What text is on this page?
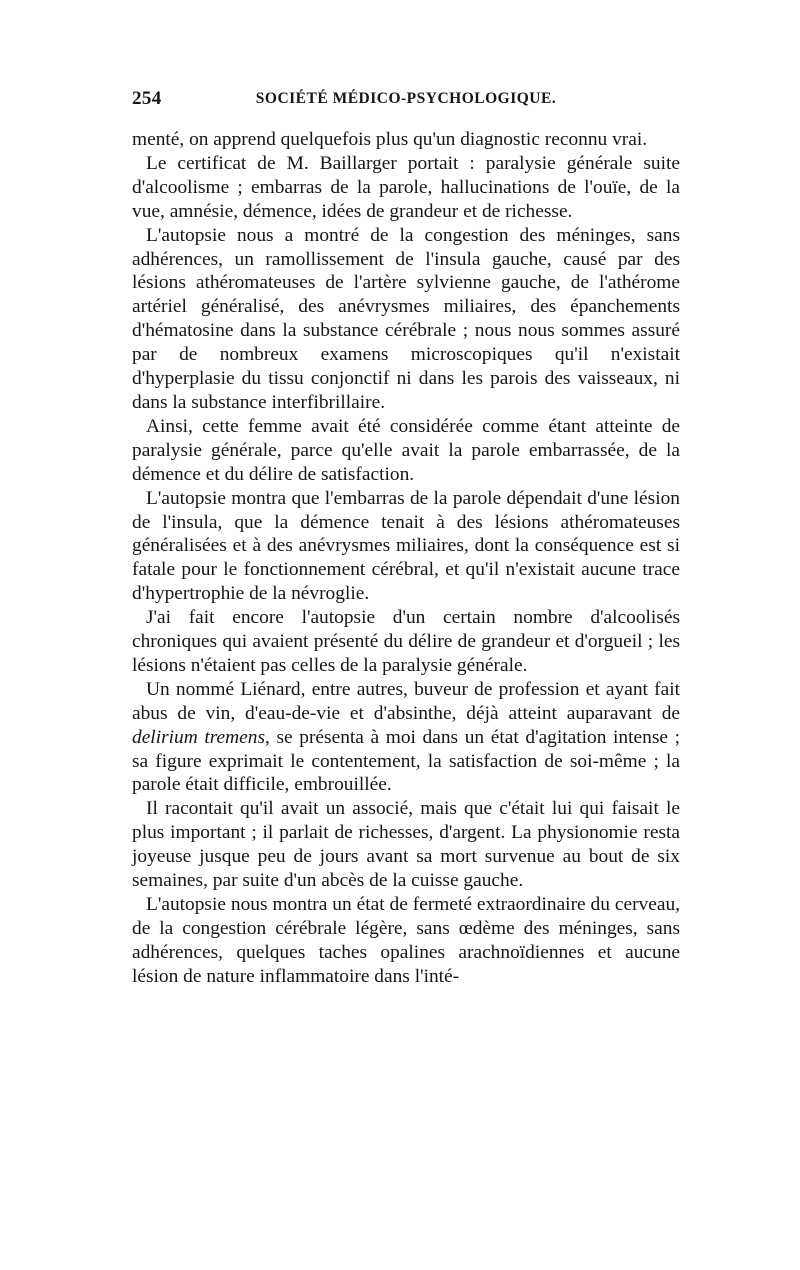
254	SOCIÉTÉ MÉDICO-PSYCHOLOGIQUE.

menté, on apprend quelquefois plus qu'un diagnostic reconnu vrai.

Le certificat de M. Baillarger portait : paralysie générale suite d'alcoolisme ; embarras de la parole, hallucinations de l'ouïe, de la vue, amnésie, démence, idées de grandeur et de richesse.

L'autopsie nous a montré de la congestion des méninges, sans adhérences, un ramollissement de l'insula gauche, causé par des lésions athéromateuses de l'artère sylvienne gauche, de l'athérome artériel généralisé, des anévrysmes miliaires, des épanchements d'hématosine dans la substance cérébrale ; nous nous sommes assuré par de nombreux examens microscopiques qu'il n'existait d'hyperplasie du tissu conjonctif ni dans les parois des vaisseaux, ni dans la substance interfibrillaire.

Ainsi, cette femme avait été considérée comme étant atteinte de paralysie générale, parce qu'elle avait la parole embarrassée, de la démence et du délire de satisfaction.

L'autopsie montra que l'embarras de la parole dépendait d'une lésion de l'insula, que la démence tenait à des lésions athéromateuses généralisées et à des anévrysmes miliaires, dont la conséquence est si fatale pour le fonctionnement cérébral, et qu'il n'existait aucune trace d'hypertrophie de la névroglie.

J'ai fait encore l'autopsie d'un certain nombre d'alcoolisés chroniques qui avaient présenté du délire de grandeur et d'orgueil ; les lésions n'étaient pas celles de la paralysie générale.

Un nommé Liénard, entre autres, buveur de profession et ayant fait abus de vin, d'eau-de-vie et d'absinthe, déjà atteint auparavant de delirium tremens, se présenta à moi dans un état d'agitation intense ; sa figure exprimait le contentement, la satisfaction de soi-même ; la parole était difficile, embrouillée.

Il racontait qu'il avait un associé, mais que c'était lui qui faisait le plus important ; il parlait de richesses, d'argent. La physionomie resta joyeuse jusque peu de jours avant sa mort survenue au bout de six semaines, par suite d'un abcès de la cuisse gauche.

L'autopsie nous montra un état de fermeté extraordinaire du cerveau, de la congestion cérébrale légère, sans œdème des méninges, sans adhérences, quelques taches opalines arachnoïdiennes et aucune lésion de nature inflammatoire dans l'inté-
